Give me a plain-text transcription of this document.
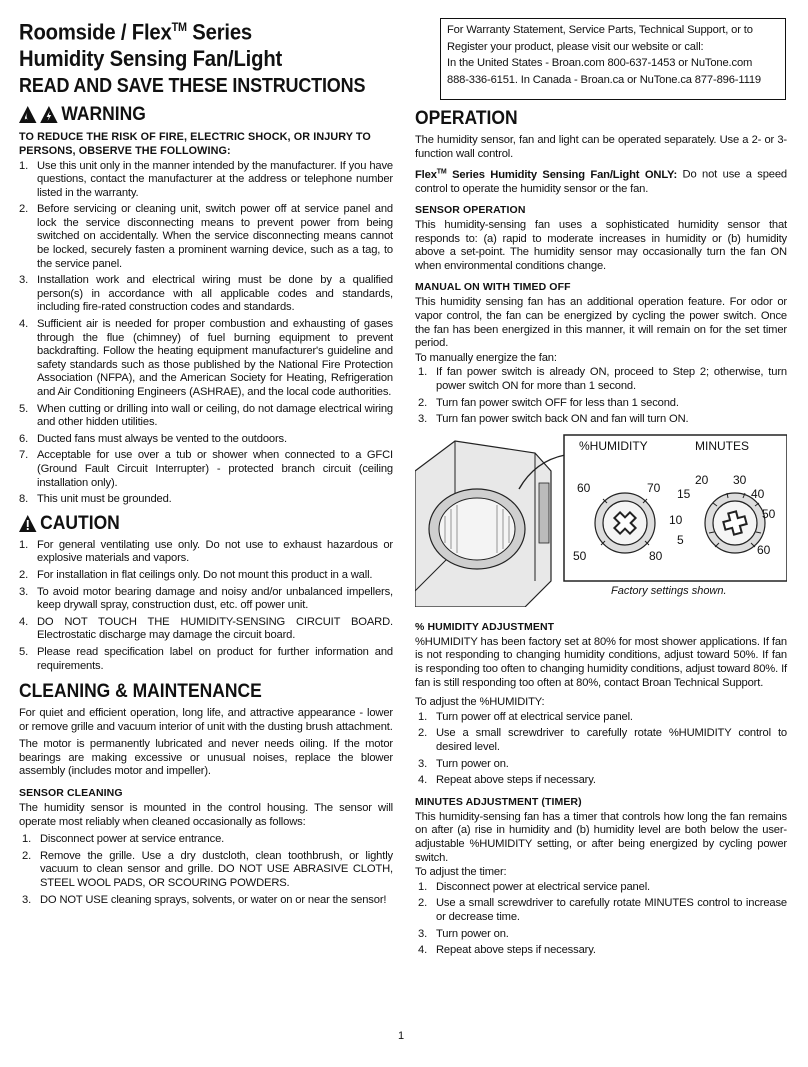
Roomside / Flex™ Series
Humidity Sensing Fan/Light
READ AND SAVE THESE INSTRUCTIONS
WARNING
TO REDUCE THE RISK OF FIRE, ELECTRIC SHOCK, OR INJURY TO PERSONS, OBSERVE THE FOLLOWING:
1. Use this unit only in the manner intended by the manufacturer. If you have questions, contact the manufacturer at the address or telephone number listed in the warranty.
2. Before servicing or cleaning unit, switch power off at service panel and lock the service disconnecting means to prevent power from being switched on accidentally. When the service disconnecting means cannot be locked, securely fasten a prominent warning device, such as a tag, to the service panel.
3. Installation work and electrical wiring must be done by a qualified person(s) in accordance with all applicable codes and standards, including fire-rated construction codes and standards.
4. Sufficient air is needed for proper combustion and exhausting of gases through the flue (chimney) of fuel burning equipment to prevent backdrafting. Follow the heating equipment manufacturer's guideline and safety standards such as those published by the National Fire Protection Association (NFPA), and the American Society for Heating, Refrigeration and Air Conditioning Engineers (ASHRAE), and the local code authorities.
5. When cutting or drilling into wall or ceiling, do not damage electrical wiring and other hidden utilities.
6. Ducted fans must always be vented to the outdoors.
7. Acceptable for use over a tub or shower when connected to a GFCI (Ground Fault Circuit Interrupter) - protected branch circuit (ceiling installation only).
8. This unit must be grounded.
CAUTION
1. For general ventilating use only. Do not use to exhaust hazardous or explosive materials and vapors.
2. For installation in flat ceilings only. Do not mount this product in a wall.
3. To avoid motor bearing damage and noisy and/or unbalanced impellers, keep drywall spray, construction dust, etc. off power unit.
4. DO NOT TOUCH THE HUMIDITY-SENSING CIRCUIT BOARD. Electrostatic discharge may damage the circuit board.
5. Please read specification label on product for further information and requirements.
CLEANING & MAINTENANCE

For quiet and efficient operation, long life, and attractive appearance - lower or remove grille and vacuum interior of unit with the dusting brush attachment.

The motor is permanently lubricated and never needs oiling. If the motor bearings are making excessive or unusual noises, replace the blower assembly (includes motor and impeller).

SENSOR CLEANING

The humidity sensor is mounted in the control housing. The sensor will operate most reliably when cleaned occasionally as follows:

1. Disconnect power at service entrance.
2. Remove the grille. Use a dry dustcloth, clean toothbrush, or lightly vacuum to clean sensor and grille. DO NOT USE ABRASIVE CLOTH, STEEL WOOL PADS, OR SCOURING POWDERS.
3. DO NOT USE cleaning sprays, solvents, or water on or near the sensor!
For Warranty Statement, Service Parts, Technical Support, or to
Register your product, please visit our website or call:
In the United States - Broan.com 800-637-1453 or NuTone.com
888-336-6151. In Canada - Broan.ca or NuTone.ca 877-896-1119
OPERATION

The humidity sensor, fan and light can be operated separately. Use a 2- or 3-function wall control.

Flex™ Series Humidity Sensing Fan/Light ONLY: Do not use a speed control to operate the humidity sensor or the fan.

SENSOR OPERATION

This humidity-sensing fan uses a sophisticated humidity sensor that responds to: (a) rapid to moderate increases in humidity or (b) humidity above a set-point. The humidity sensor may occasionally turn the fan ON when environmental conditions change.

MANUAL ON WITH TIMED OFF

This humidity sensing fan has an additional operation feature. For odor or vapor control, the fan can be energized by cycling the power switch. Once the fan has been energized in this manner, it will remain on for the set timer period.

To manually energize the fan:

1. If fan power switch is already ON, proceed to Step 2; otherwise, turn power switch ON for more than 1 second.
2. Turn fan power switch OFF for less than 1 second.
3. Turn fan power switch back ON and fan will turn ON.
%HUMIDITY	MINUTES
60	70
50	80
15
20 30
40
10	50
5
60
Factory settings shown.
% HUMIDITY ADJUSTMENT

%HUMIDITY has been factory set at 80% for most shower applications. If fan is not responding to changing humidity conditions, adjust toward 50%. If fan is responding too often to changing humidity conditions, adjust toward 80%. If fan is still responding too often at 80%, contact Broan Technical Support.

To adjust the %HUMIDITY:

1. Turn power off at electrical service panel.
2. Use a small screwdriver to carefully rotate %HUMIDITY control to desired level.
3. Turn power on.
4. Repeat above steps if necessary.
MINUTES ADJUSTMENT (TIMER)

This humidity-sensing fan has a timer that controls how long the fan remains on after (a) rise in humidity and (b) humidity level are both below the user-adjustable %HUMIDITY setting, or after being energized by cycling power switch.

To adjust the timer:

1. Disconnect power at electrical service panel.
2. Use a small screwdriver to carefully rotate MINUTES control to increase or decrease time.
3. Turn power on.
4. Repeat above steps if necessary.
1
